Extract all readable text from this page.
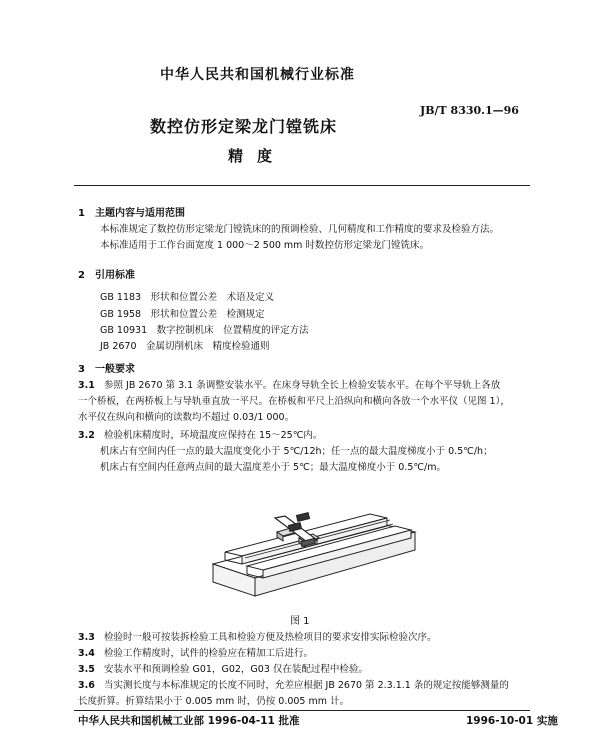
中华人民共和国机械行业标准
JB/T 8330.1—96
数控仿形定梁龙门镗铣床
精度
1　主题内容与适用范围
本标准规定了数控仿形定梁龙门镗铣床的的预调检验、几何精度和工作精度的要求及检验方法。
本标准适用于工作台面宽度 1 000～2 500 mm 时数控仿形定梁龙门镗铣床。
2　引用标准
GB 1183　形状和位置公差　术语及定义
GB 1958　形状和位置公差　检测规定
GB 10931　数字控制机床　位置精度的评定方法
JB 2670　金属切削机床　精度检验通则
3　一般要求
3.1 参照 JB 2670 第 3.1 条调整安装水平。在床身导轨全长上检验安装水平。在每个平导轨上各放
一个桥板，在两桥板上与导轨垂直放一平尺。在桥板和平尺上沿纵向和横向各放一个水平仪（见图 1），
水平仪在纵向和横向的读数均不超过 0.03/1 000。
3.2 检验机床精度时，环境温度应保持在 15～25℃内。
机床占有空间内任一点的最大温度变化小于 5℃/12h；任一点的最大温度梯度小于 0.5℃/h；
机床占有空间内任意两点间的最大温度差小于 5℃；最大温度梯度小于 0.5℃/m。
图 1
3.3 检验时一般可按装拆检验工具和检验方便及热检项目的要求安排实际检验次序。
3.4 检验工作精度时，试件的检验应在精加工后进行。
3.5 安装水平和预调检验 G01，G02，G03 仅在装配过程中检验。
3.6 当实测长度与本标准规定的长度不同时，允差应根据 JB 2670 第 2.3.1.1 条的规定按能够测量的
长度折算。折算结果小于 0.005 mm 时，仍按 0.005 mm 计。
中华人民共和国机械工业部 1996-04-11 批准	1996-10-01 实施
